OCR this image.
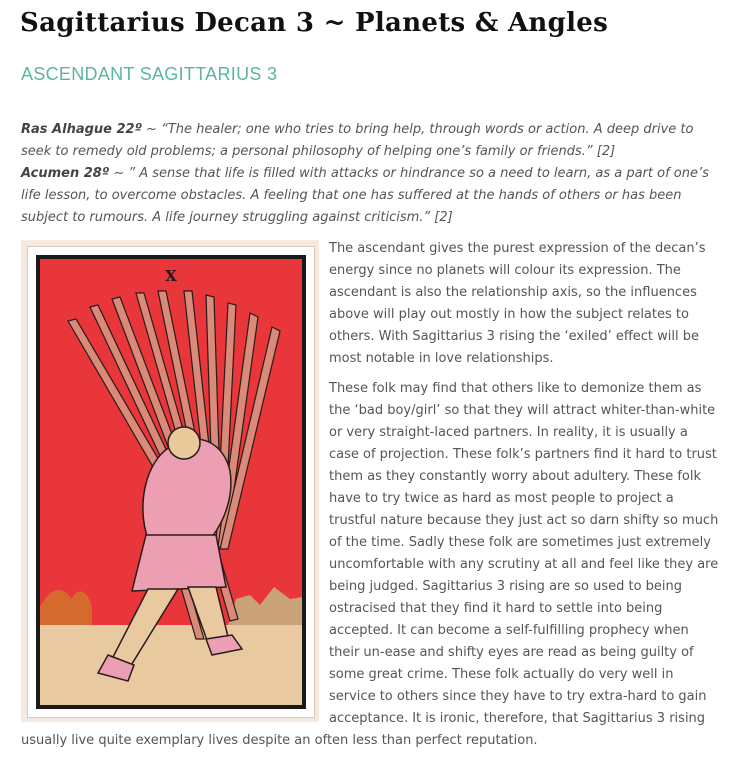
Sagittarius Decan 3 ~ Planets & Angles
ASCENDANT SAGITTARIUS 3

Ras Alhague 22º ~ “The healer; one who tries to bring help, through words or action. A deep drive to seek to remedy old problems; a personal philosophy of helping one’s family or friends.” [2]
Acumen 28º ~ ” A sense that life is filled with attacks or hindrance so a need to learn, as a part of one’s life lesson, to overcome obstacles. A feeling that one has suffered at the hands of others or has been subject to rumours. A life journey struggling against criticism.” [2]

X

The ascendant gives the purest expression of the decan’s energy since no planets will colour its expression. The ascendant is also the relationship axis, so the influences above will play out mostly in how the subject relates to others. With Sagittarius 3 rising the ‘exiled’ effect will be most notable in love relationships.

These folk may find that others like to demonize them as the ‘bad boy/girl’ so that they will attract whiter-than-white or very straight-laced partners. In reality, it is usually a case of projection. These folk’s partners find it hard to trust them as they constantly worry about adultery. These folk have to try twice as hard as most people to project a trustful nature because they just act so darn shifty so much of the time. Sadly these folk are sometimes just extremely uncomfortable with any scrutiny at all and feel like they are being judged. Sagittarius 3 rising are so used to being ostracised that they find it hard to settle into being accepted. It can become a self-fulfilling prophecy when their un-ease and shifty eyes are read as being guilty of some great crime. These folk actually do very well in service to others since they have to try extra-hard to gain acceptance. It is ironic, therefore, that Sagittarius 3 rising usually live quite exemplary lives despite an often less than perfect reputation.
